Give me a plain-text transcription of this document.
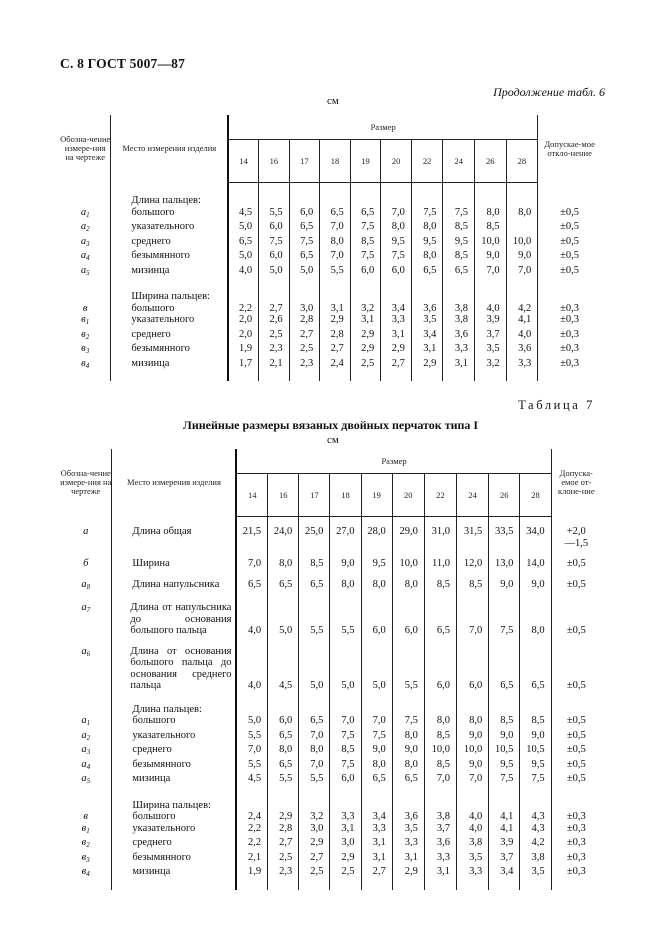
С. 8 ГОСТ 5007—87
Продолжение табл. 6
см
Обозна-чение измере-ния на чертеже	Место измерения изделия	Размер										Допускае-мое откло-нение
		14	16	17	18	19	20	22	24	26	28	

	Длина пальцев:											
$a_1$	большого	4,5	5,5	6,0	6,5	6,5	7,0	7,5	7,5	8,0	8,0	±0,5

$a_2$	указательного	5,0	6,0	6,5	7,0	7,5	8,0	8,0	8,5	8,5		±0,5

$a_3$	среднего	6,5	7,5	7,5	8,0	8,5	9,5	9,5	9,5	10,0	10,0	±0,5

$a_4$	безымянного	5,0	6,0	6,5	7,0	7,5	7,5	8,0	8,5	9,0	9,0	±0,5

$a_5$	мизинца	4,0	5,0	5,0	5,5	6,0	6,0	6,5	6,5	7,0	7,0	±0,5

	Ширина пальцев:											
в	большого	2,2	2,7	3,0	3,1	3,2	3,4	3,6	3,8	4,0	4,2	±0,3

$в_1$	указательного	2,0	2,6	2,8	2,9	3,1	3,3	3,5	3,8	3,9	4,1	±0,3

$в_2$	среднего	2,0	2,5	2,7	2,8	2,9	3,1	3,4	3,6	3,7	4,0	±0,3

$в_3$	безымянного	1,9	2,3	2,5	2,7	2,9	2,9	3,1	3,3	3,5	3,6	±0,3

$в_4$	мизинца	1,7	2,1	2,3	2,4	2,5	2,7	2,9	3,1	3,2	3,3	±0,3

Таблица 7
Линейные размеры вязаных двойных перчаток типа I
см
Обозна-чение измере-ния на чертеже	Место измерения изделия	Размер										Допуска-емое от-клоне-ние
		14	16	17	18	19	20	22	24	26	28	

a	Длина общая	21,5	24,0	25,0	27,0	28,0	29,0	31,0	31,5	33,5	34,0	+2,0
—1,5

б	Ширина	7,0	8,0	8,5	9,0	9,5	10,0	11,0	12,0	13,0	14,0	±0,5

$a_8$	Длина напульсника	6,5	6,5	6,5	8,0	8,0	8,0	8,5	8,5	9,0	9,0	±0,5

$a_7$	Длина от напульсника до основания большого пальца	4,0	5,0	5,5	5,5	6,0	6,0	6,5	7,0	7,5	8,0	±0,5

$a_6$	Длина от основания большого пальца до основания среднего пальца	4,0	4,5	5,0	5,0	5,0	5,5	6,0	6,0	6,5	6,5	±0,5

	Длина пальцев:											
$a_1$	большого	5,0	6,0	6,5	7,0	7,0	7,5	8,0	8,0	8,5	8,5	±0,5

$a_2$	указательного	5,5	6,5	7,0	7,5	7,5	8,0	8,5	9,0	9,0	9,0	±0,5

$a_3$	среднего	7,0	8,0	8,0	8,5	9,0	9,0	10,0	10,0	10,5	10,5	±0,5

$a_4$	безымянного	5,5	6,5	7,0	7,5	8,0	8,0	8,5	9,0	9,5	9,5	±0,5

$a_5$	мизинца	4,5	5,5	5,5	6,0	6,5	6,5	7,0	7,0	7,5	7,5	±0,5

	Ширина пальцев:											
в	большого	2,4	2,9	3,2	3,3	3,4	3,6	3,8	4,0	4,1	4,3	±0,3

$в_1$	указательного	2,2	2,8	3,0	3,1	3,3	3,5	3,7	4,0	4,1	4,3	±0,3

$в_2$	среднего	2,2	2,7	2,9	3,0	3,1	3,3	3,6	3,8	3,9	4,2	±0,3

$в_3$	безымянного	2,1	2,5	2,7	2,9	3,1	3,1	3,3	3,5	3,7	3,8	±0,3

$в_4$	мизинца	1,9	2,3	2,5	2,5	2,7	2,9	3,1	3,3	3,4	3,5	±0,3
